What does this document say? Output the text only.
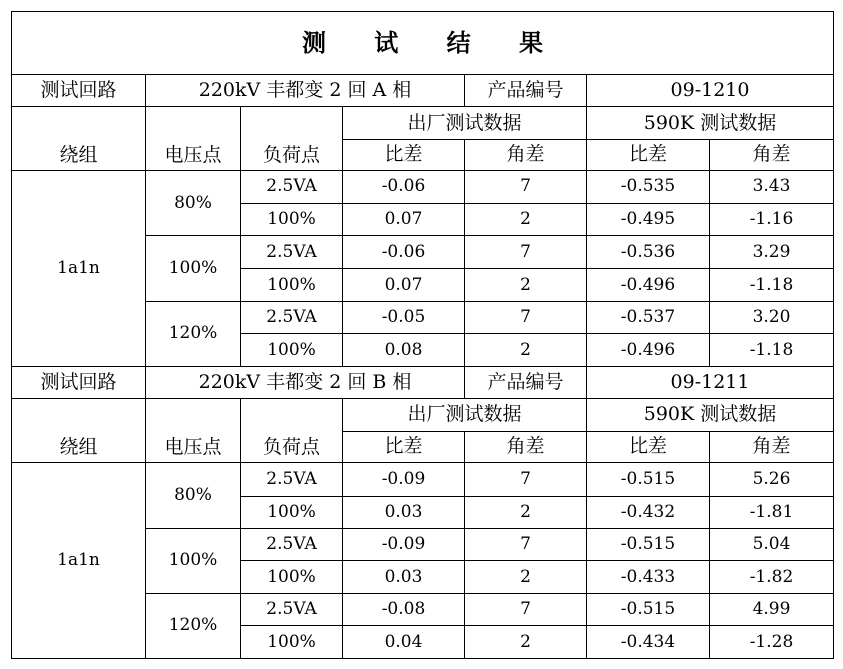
测 试 结 果						
测试回路	220kV 丰都变 2 回 A 相			产品编号	09-1210	
绕组	电压点	负荷点	出厂测试数据		590K 测试数据	
			比差	角差	比差	角差
1a1n	80%	2.5VA	-0.06	7	-0.535	3.43
		100%	0.07	2	-0.495	-1.16
	100%	2.5VA	-0.06	7	-0.536	3.29
		100%	0.07	2	-0.496	-1.18
	120%	2.5VA	-0.05	7	-0.537	3.20
		100%	0.08	2	-0.496	-1.18
测试回路	220kV 丰都变 2 回 B 相			产品编号	09-1211	
绕组	电压点	负荷点	出厂测试数据		590K 测试数据	
			比差	角差	比差	角差
1a1n	80%	2.5VA	-0.09	7	-0.515	5.26
		100%	0.03	2	-0.432	-1.81
	100%	2.5VA	-0.09	7	-0.515	5.04
		100%	0.03	2	-0.433	-1.82
	120%	2.5VA	-0.08	7	-0.515	4.99
		100%	0.04	2	-0.434	-1.28
